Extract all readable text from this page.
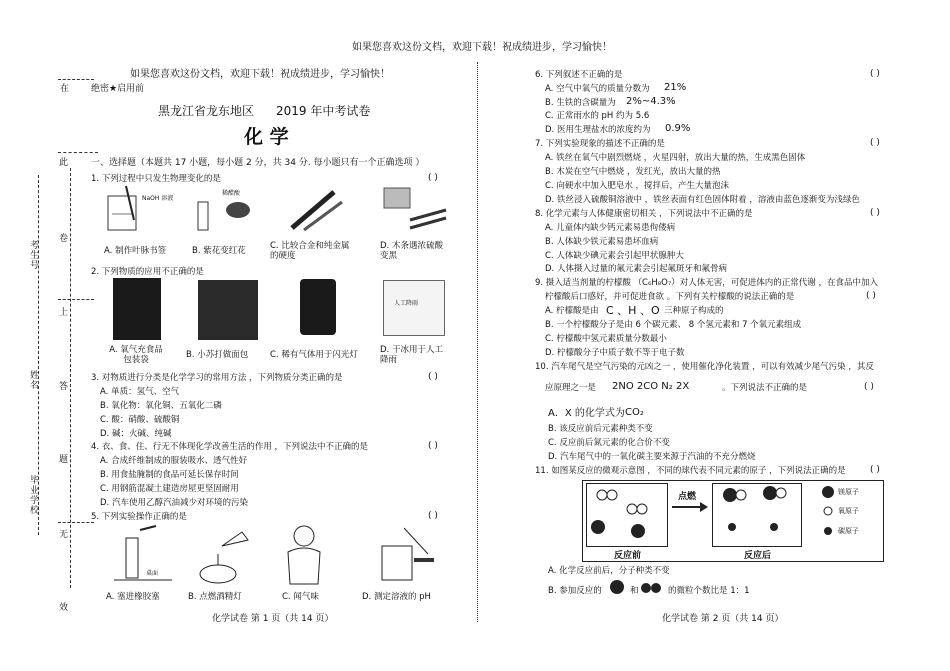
如果您喜欢这份文档，欢迎下载！祝成绩进步，学习愉快！
如果您喜欢这份文档，欢迎下载！祝成绩进步，学习愉快！
在 绝密★启用前
黑龙江省龙东地区 2019 年中考试卷
化 学
此
卷
上
答
题
无
效
考生号
姓名
毕业学校
一、选择题（本题共 17 小题，每小题 2 分，共 34 分. 每小题只有一个正确选项 ）
1. 下列过程中只发生物理变化的是	( )
NaOH 溶液
稀醋酸
A. 制作叶脉书签	B. 紫花变红花	C. 比较合金和纯金属的硬度
D. 木条遇浓硫酸变黑
2. 下列物质的应用不正确的是
人工降雨
A. 氧气充食品包装袋	B. 小苏打做面包	C. 稀有气体用于闪光灯	D. 干冰用于人工降雨
3. 对物质进行分类是化学学习的常用方法 ，下列物质分类正确的是	( )
A. 单质：氢气、空气
B. 氧化物：氧化铜、五氧化二磷
C. 酸：硝酸、硫酸铜
D. 碱：火碱、纯碱
4. 衣、食、住、行无不体现化学改善生活的作用 ，下列说法中不正确的是	( )
A. 合成纤维制成的服装吸水、透气性好
B. 用食盐腌制的食品可延长保存时间
C. 用钢筋混凝土建造房屋更坚固耐用
D. 汽车使用乙醇汽油减少对环境的污染
5. 下列实验操作正确的是	( )
桌面
A. 塞进橡胶塞	B. 点燃酒精灯	C. 闻气味	D. 测定溶液的 pH
化学试卷 第 1 页（共 14 页）
6. 下列叙述不正确的是	( )
A. 空气中氧气的质量分数为 21%
B. 生铁的含碳量为 2%~4.3%
C. 正常雨水的 pH 约为 5.6
D. 医用生理盐水的浓度约为 0.9%
7. 下列实验现象的描述不正确的是	( )
A. 铁丝在氧气中剧烈燃烧 ，火星四射，放出大量的热，生成黑色固体
B. 木炭在空气中燃烧 ，发红光，放出大量的热
C. 向硬水中加入肥皂水 ，搅拌后，产生大量泡沫
D. 铁丝浸入硫酸铜溶液中 ，铁丝表面有红色固体附着 ，溶液由蓝色逐渐变为浅绿色
8. 化学元素与人体健康密切相关 ，下列说法中不正确的是	( )
A. 儿童体内缺少钙元素易患佝偻病
B. 人体缺少铁元素易患坏血病
C. 人体缺少碘元素会引起甲状腺肿大
D. 人体摄入过量的氟元素会引起氟斑牙和氟骨病
9. 摄入适当剂量的柠檬酸 （C₆H₈O₇）对人体无害，可促进体内的正常代谢 ，在食品中加入
柠檬酸后口感好，并可促进食欲 。下列有关柠檬酸的说法正确的是	( )
A. 柠檬酸是由 C 、H 、O 三种原子构成的
B. 一个柠檬酸分子是由 6 个碳元素、 8 个氢元素和 7 个氧元素组成
C. 柠檬酸中氢元素质量分数最小
D. 柠檬酸分子中质子数不等于电子数
10. 汽车尾气是空气污染的元凶之一 ，使用催化净化装置 ，可以有效减少尾气污染 ，其反
应原理之一是 2NO 2CO N₂ 2X	。下列说法不正确的是	( )
A．X 的化学式为 CO₂
B. 该反应前后元素种类不变
C. 反应前后氮元素的化合价不变
D. 汽车尾气中的一氧化碳主要来源于汽油的不充分燃烧
11. 如图某反应的微观示意图 ，不同的球代表不同元素的原子 ，下列说法正确的是	( )
点燃
反应前	反应后
镁原子
氧原子
碳原子
A. 化学反应前后，分子种类不变
B. 参加反应的	和	的微粒个数比是 1：1
化学试卷 第 2 页（共 14 页）
